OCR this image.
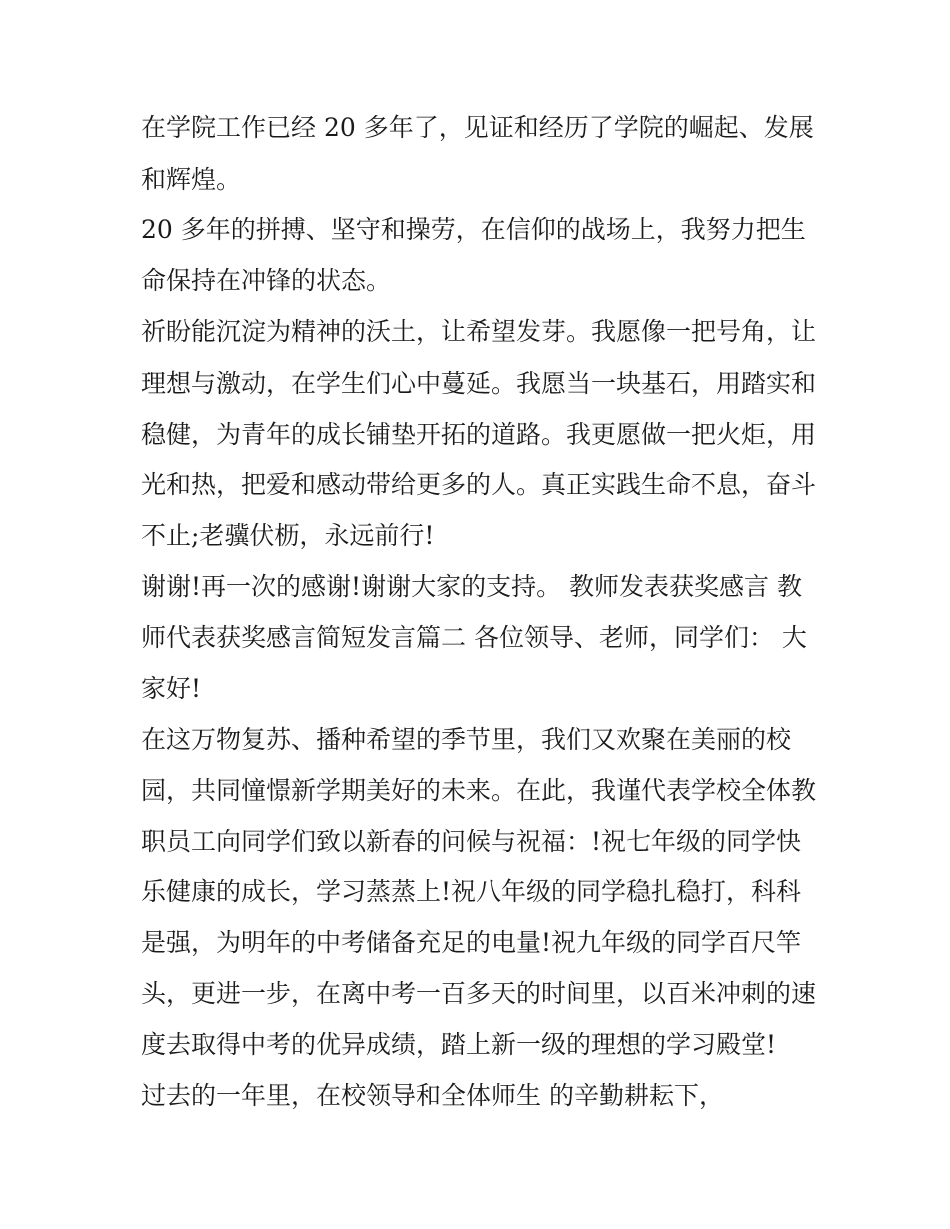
在学院工作已经 20 多年了，见证和经历了学院的崛起、发展
和辉煌。
20 多年的拼搏、坚守和操劳，在信仰的战场上，我努力把生
命保持在冲锋的状态。
祈盼能沉淀为精神的沃土，让希望发芽。我愿像一把号角，让
理想与激动，在学生们心中蔓延。我愿当一块基石，用踏实和
稳健，为青年的成长铺垫开拓的道路。我更愿做一把火炬，用
光和热，把爱和感动带给更多的人。真正实践生命不息，奋斗
不止;老骥伏枥，永远前行!
谢谢!再一次的感谢!谢谢大家的支持。 教师发表获奖感言 教
师代表获奖感言简短发言篇二 各位领导、老师，同学们： 大
家好!
在这万物复苏、播种希望的季节里，我们又欢聚在美丽的校
园，共同憧憬新学期美好的未来。在此，我谨代表学校全体教
职员工向同学们致以新春的问候与祝福：!祝七年级的同学快
乐健康的成长，学习蒸蒸上!祝八年级的同学稳扎稳打，科科
是强，为明年的中考储备充足的电量!祝九年级的同学百尺竿
头，更进一步，在离中考一百多天的时间里，以百米冲刺的速
度去取得中考的优异成绩，踏上新一级的理想的学习殿堂!
过去的一年里，在校领导和全体师生 的辛勤耕耘下，
